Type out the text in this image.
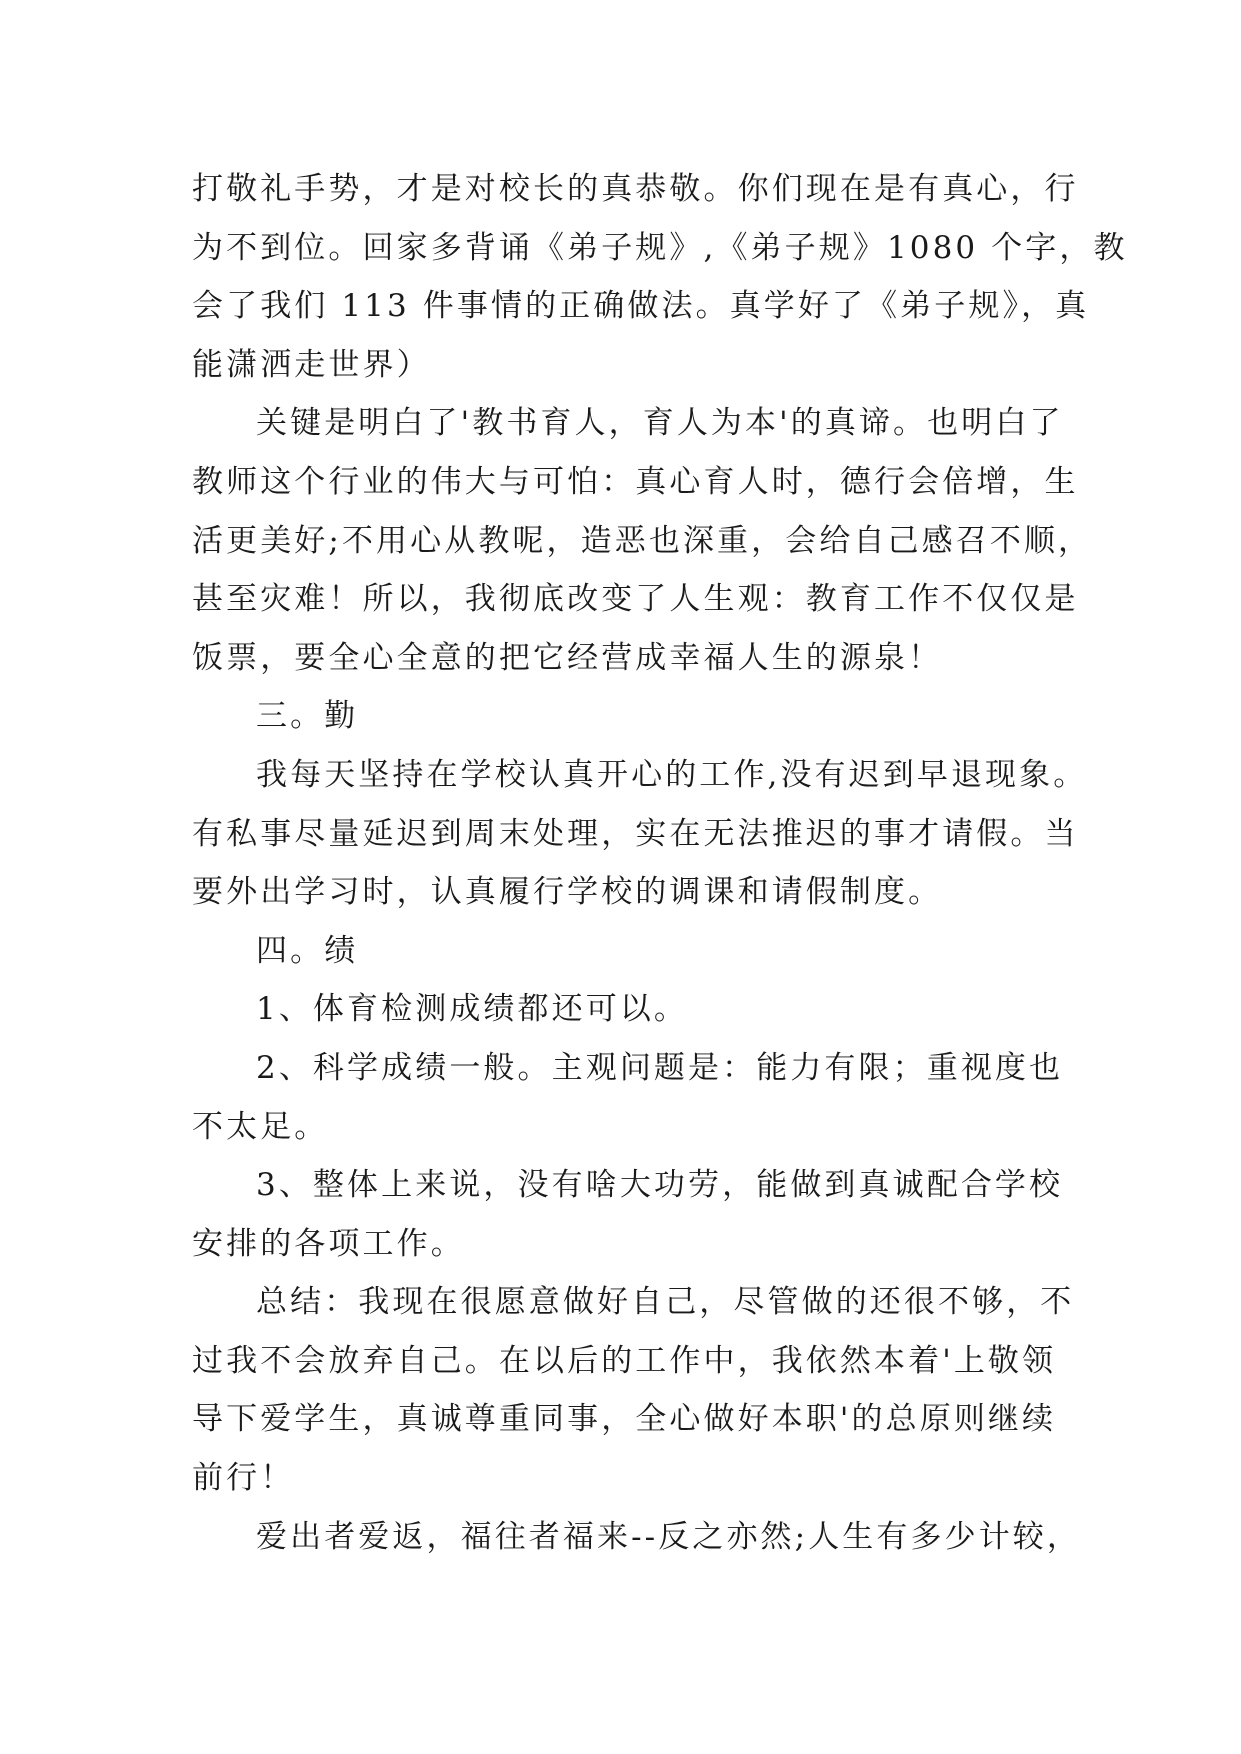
打敬礼手势，才是对校长的真恭敬。你们现在是有真心，行
为不到位。回家多背诵《弟子规》,《弟子规》1080 个字，教
会了我们 113 件事情的正确做法。真学好了《弟子规》，真
能潇洒走世界）
关键是明白了'教书育人，育人为本'的真谛。也明白了
教师这个行业的伟大与可怕：真心育人时，德行会倍增，生
活更美好;不用心从教呢，造恶也深重，会给自己感召不顺，
甚至灾难！所以，我彻底改变了人生观：教育工作不仅仅是
饭票，要全心全意的把它经营成幸福人生的源泉！
三。勤
我每天坚持在学校认真开心的工作,没有迟到早退现象。
有私事尽量延迟到周末处理，实在无法推迟的事才请假。当
要外出学习时，认真履行学校的调课和请假制度。
四。绩
1、体育检测成绩都还可以。
2、科学成绩一般。主观问题是：能力有限；重视度也
不太足。
3、整体上来说，没有啥大功劳，能做到真诚配合学校
安排的各项工作。
总结：我现在很愿意做好自己，尽管做的还很不够，不
过我不会放弃自己。在以后的工作中，我依然本着'上敬领
导下爱学生，真诚尊重同事，全心做好本职'的总原则继续
前行！
爱出者爱返，福往者福来--反之亦然;人生有多少计较，
